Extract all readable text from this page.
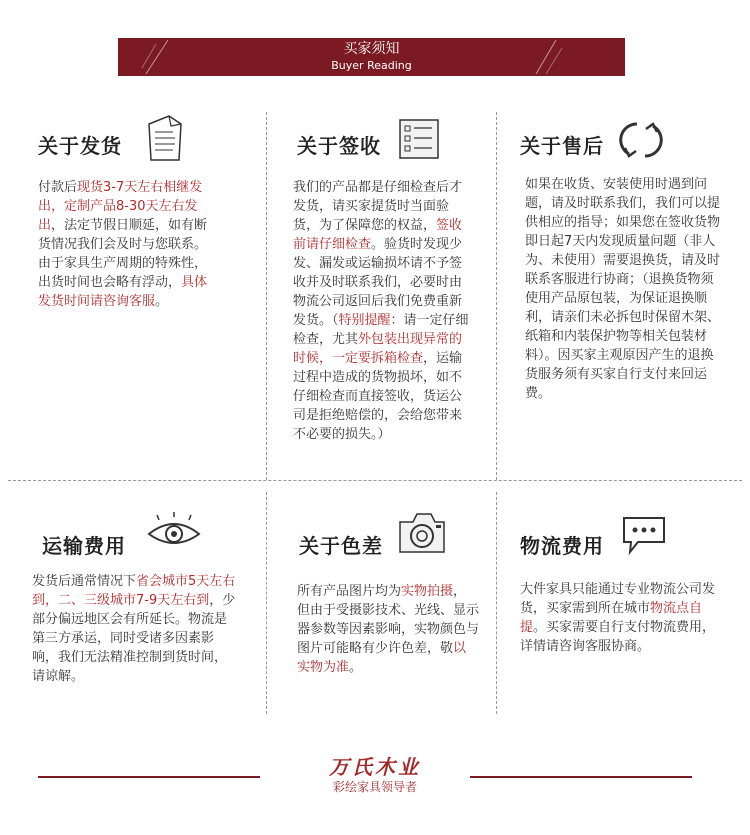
买家须知
Buyer Reading
关于发货
付款后现货3-7天左右相继发出，定制产品8-30天左右发出，法定节假日顺延，如有断货情况我们会及时与您联系。由于家具生产周期的特殊性，出货时间也会略有浮动，具体发货时间请咨询客服。
关于签收
我们的产品都是仔细检查后才发货，请买家提货时当面验货，为了保障您的权益，签收前请仔细检查。验货时发现少发、漏发或运输损坏请不予签收并及时联系我们，必要时由物流公司返回后我们免费重新发货。（特别提醒：请一定仔细检查，尤其外包装出现异常的时候，一定要拆箱检查，运输过程中造成的货物损坏，如不仔细检查而直接签收，货运公司是拒绝赔偿的，会给您带来不必要的损失。）
关于售后
如果在收货、安装使用时遇到问题，请及时联系我们，我们可以提供相应的指导；如果您在签收货物即日起7天内发现质量问题（非人为、未使用）需要退换货，请及时联系客服进行协商；（退换货物须使用产品原包装，为保证退换顺利，请亲们未必拆包时保留木架、纸箱和内装保护物等相关包装材料）。因买家主观原因产生的退换货服务须有买家自行支付来回运费。
运输费用
发货后通常情况下省会城市5天左右到，二、三级城市7-9天左右到，少部分偏远地区会有所延长。物流是第三方承运，同时受诸多因素影响，我们无法精准控制到货时间，请谅解。
关于色差
所有产品图片均为实物拍摄，但由于受摄影技术、光线、显示器参数等因素影响，实物颜色与图片可能略有少许色差，敬以实物为准。
物流费用
大件家具只能通过专业物流公司发货，买家需到所在城市物流点自提。买家需要自行支付物流费用，详情请咨询客服协商。
万氏木业
彩绘家具领导者
